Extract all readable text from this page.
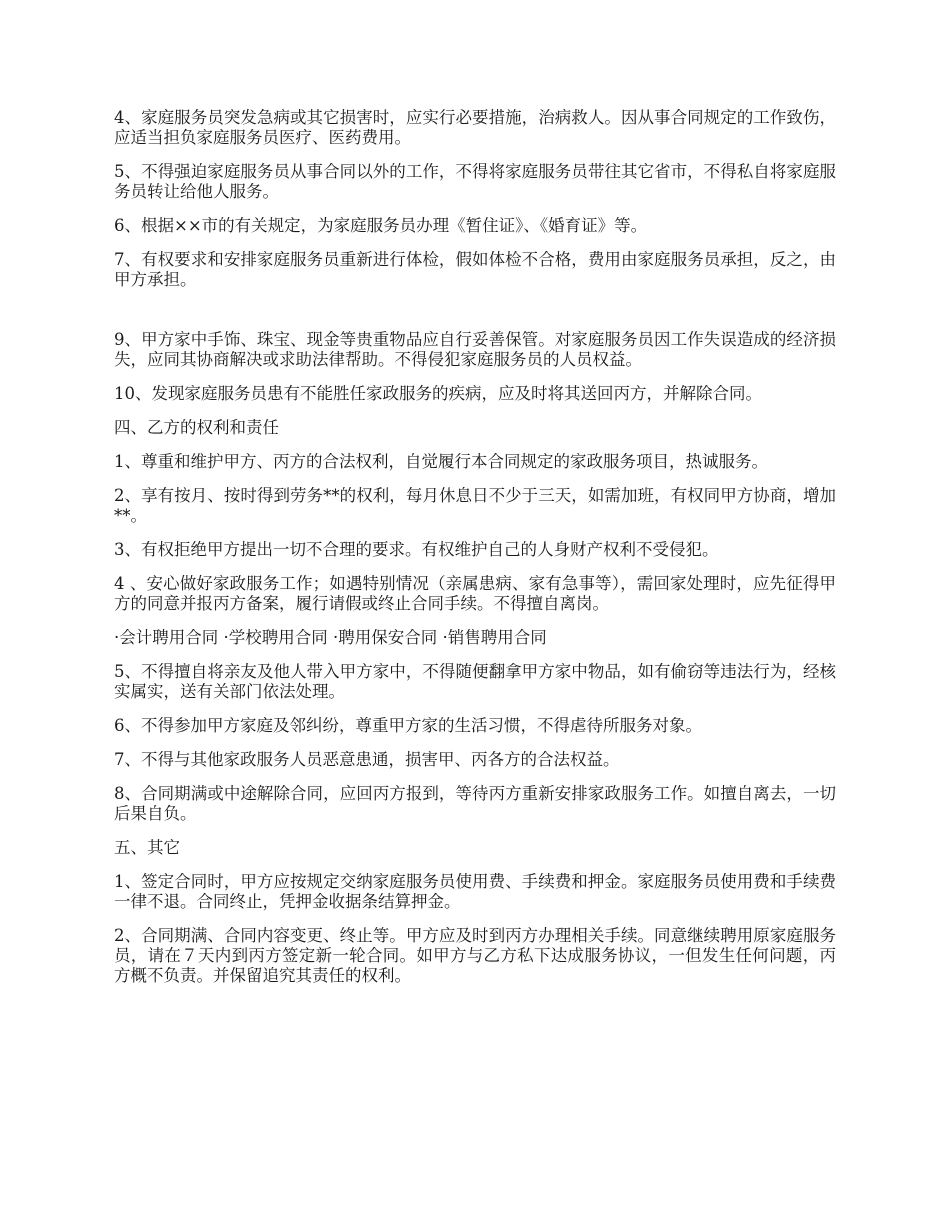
4、家庭服务员突发急病或其它损害时，应实行必要措施，治病救人。因从事合同规定的工作致伤，应适当担负家庭服务员医疗、医药费用。

5、不得强迫家庭服务员从事合同以外的工作，不得将家庭服务员带往其它省市，不得私自将家庭服务员转让给他人服务。

6、根据××市的有关规定，为家庭服务员办理《暂住证》、《婚育证》等。

7、有权要求和安排家庭服务员重新进行体检，假如体检不合格，费用由家庭服务员承担，反之，由甲方承担。

9、甲方家中手饰、珠宝、现金等贵重物品应自行妥善保管。对家庭服务员因工作失误造成的经济损失，应同其协商解决或求助法律帮助。不得侵犯家庭服务员的人员权益。

10、发现家庭服务员患有不能胜任家政服务的疾病，应及时将其送回丙方，并解除合同。

四、乙方的权利和责任

1、尊重和维护甲方、丙方的合法权利，自觉履行本合同规定的家政服务项目，热诚服务。

2、享有按月、按时得到劳务**的权利，每月休息日不少于三天，如需加班，有权同甲方协商，增加**。

3、有权拒绝甲方提出一切不合理的要求。有权维护自己的人身财产权利不受侵犯。

4 、安心做好家政服务工作；如遇特别情况（亲属患病、家有急事等），需回家处理时，应先征得甲方的同意并报丙方备案，履行请假或终止合同手续。不得擅自离岗。

·会计聘用合同 ·学校聘用合同 ·聘用保安合同 ·销售聘用合同

5、不得擅自将亲友及他人带入甲方家中，不得随便翻拿甲方家中物品，如有偷窃等违法行为，经核实属实，送有关部门依法处理。

6、不得参加甲方家庭及邻纠纷，尊重甲方家的生活习惯，不得虐待所服务对象。

7、不得与其他家政服务人员恶意患通，损害甲、丙各方的合法权益。

8、合同期满或中途解除合同，应回丙方报到，等待丙方重新安排家政服务工作。如擅自离去，一切后果自负。

五、其它

1、签定合同时，甲方应按规定交纳家庭服务员使用费、手续费和押金。家庭服务员使用费和手续费一律不退。合同终止，凭押金收据条结算押金。

2、合同期满、合同内容变更、终止等。甲方应及时到丙方办理相关手续。同意继续聘用原家庭服务员，请在７天内到丙方签定新一轮合同。如甲方与乙方私下达成服务协议，一但发生任何问题，丙方概不负责。并保留追究其责任的权利。
